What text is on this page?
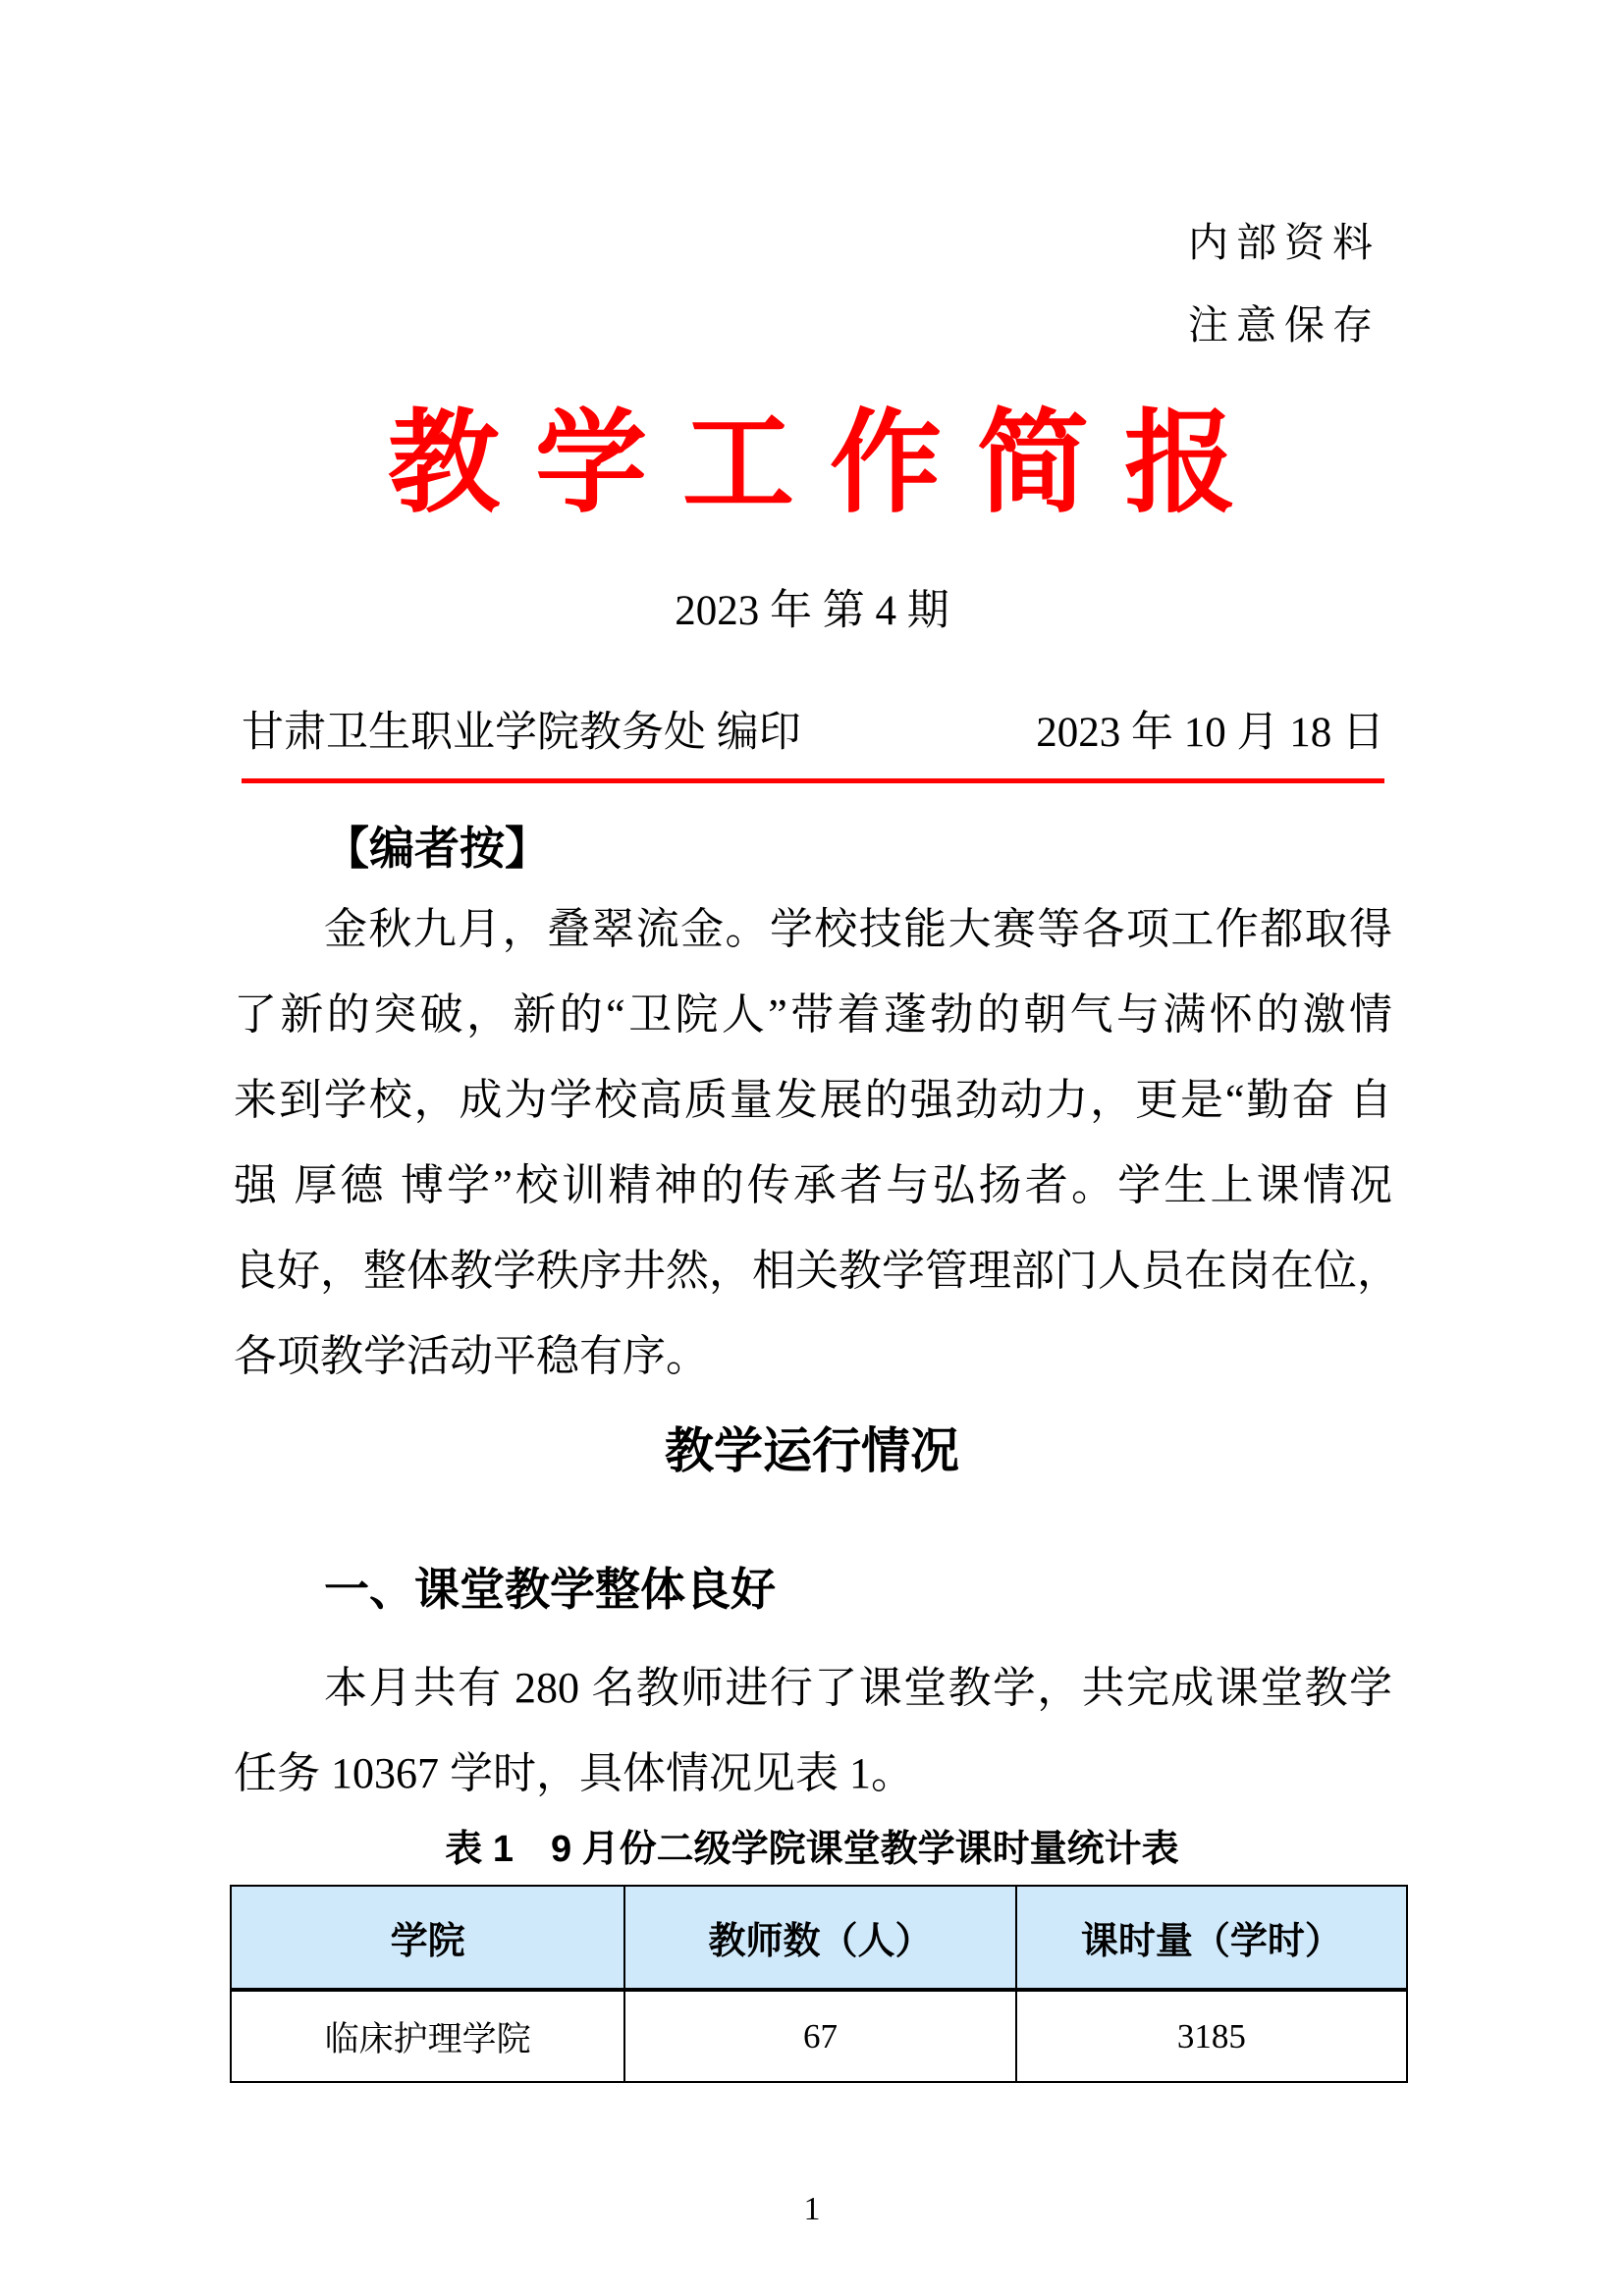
内部资料
注意保存
教学工作简报
2023 年 第 4 期
甘肃卫生职业学院教务处 编印	2023 年 10 月 18 日
【编者按】
金秋九月，叠翠流金。学校技能大赛等各项工作都取得
了新的突破，新的“卫院人”带着蓬勃的朝气与满怀的激情
来到学校，成为学校高质量发展的强劲动力，更是“勤奋 自
强 厚德 博学”校训精神的传承者与弘扬者。学生上课情况
良好，整体教学秩序井然，相关教学管理部门人员在岗在位，
各项教学活动平稳有序。
教学运行情况
一、课堂教学整体良好
本月共有 280 名教师进行了课堂教学，共完成课堂教学
任务 10367 学时，具体情况见表 1。
表 1　9 月份二级学院课堂教学课时量统计表
学院	教师数（人）	课时量（学时）
临床护理学院	67	3185
1
